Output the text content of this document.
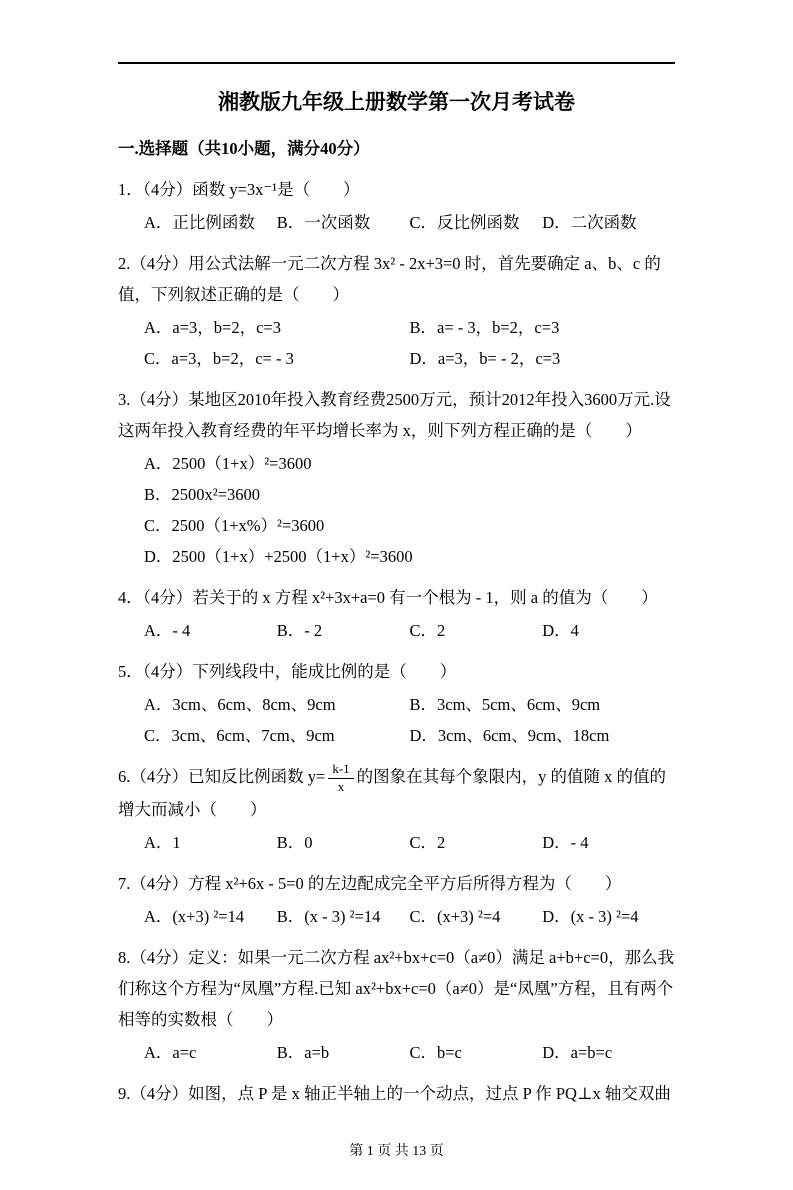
湘教版九年级上册数学第一次月考试卷
一.选择题（共10小题，满分40分）

1．（4分）函数 y=3x⁻¹是（　　）

A．正比例函数	B．一次函数	C．反比例函数	D．二次函数

2.（4分）用公式法解一元二次方程 3x² - 2x+3=0 时，首先要确定 a、b、c 的值，下列叙述正确的是（　　）

A．a=3，b=2，c=3	B．a= - 3，b=2，c=3
C．a=3，b=2，c= - 3	D．a=3，b= - 2，c=3

3.（4分）某地区2010年投入教育经费2500万元，预计2012年投入3600万元.设这两年投入教育经费的年平均增长率为 x，则下列方程正确的是（　　）

A．2500（1+x）²=3600
B．2500x²=3600
C．2500（1+x%）²=3600
D．2500（1+x）+2500（1+x）²=3600

4．（4分）若关于的 x 方程 x²+3x+a=0 有一个根为 - 1，则 a 的值为（　　）

A．- 4	B．- 2	C．2	D．4

5．（4分）下列线段中，能成比例的是（　　）

A．3cm、6cm、8cm、9cm	B．3cm、5cm、6cm、9cm
C．3cm、6cm、7cm、9cm	D．3cm、6cm、9cm、18cm

6.（4分）已知反比例函数 $y= \frac{k-1}{x}$ 的图象在其每个象限内，y 的值随 x 的值的增大而减小（　　）

A．1	B．0	C．2	D．- 4

7.（4分）方程 x²+6x - 5=0 的左边配成完全平方后所得方程为（　　）

A．(x+3) ²=14	B．(x - 3) ²=14	C．(x+3) ²=4	D．(x - 3) ²=4

8.（4分）定义：如果一元二次方程 ax²+bx+c=0（a≠0）满足 a+b+c=0，那么我们称这个方程为“凤凰”方程.已知 ax²+bx+c=0（a≠0）是“凤凰”方程，且有两个相等的实数根（　　）

A．a=c	B．a=b	C．b=c	D．a=b=c

9.（4分）如图，点 P 是 x 轴正半轴上的一个动点，过点 P 作 PQ⊥x 轴交双曲

第 1 页 共 13 页
